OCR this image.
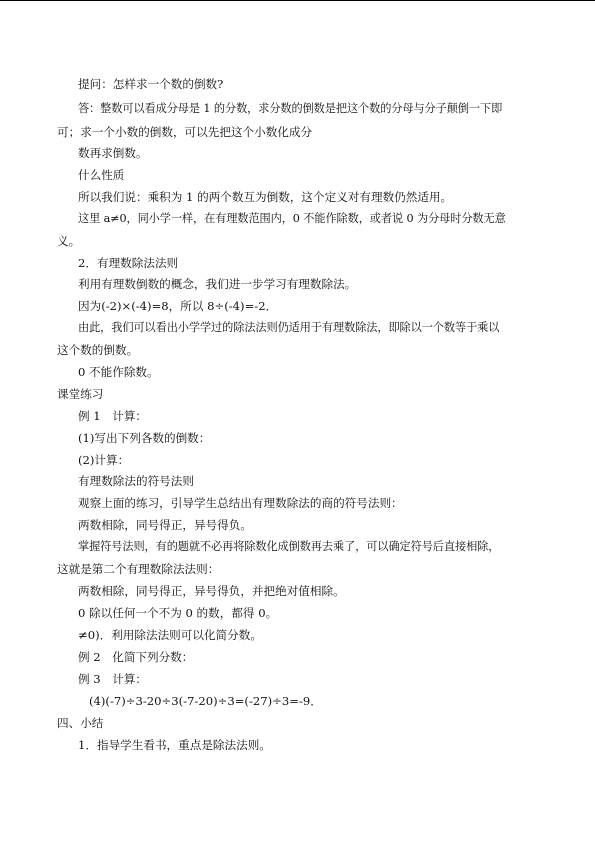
提问：怎样求一个数的倒数?
答：整数可以看成分母是 1 的分数，求分数的倒数是把这个数的分母与分子颠倒一下即
可；求一个小数的倒数，可以先把这个小数化成分
数再求倒数。
什么性质
所以我们说：乘积为 1 的两个数互为倒数，这个定义对有理数仍然适用。
这里 a≠0，同小学一样，在有理数范围内，0 不能作除数，或者说 0 为分母时分数无意
义。
2．有理数除法法则
利用有理数倒数的概念，我们进一步学习有理数除法。
因为(-2)×(-4)=8，所以 8÷(-4)=-2．
由此，我们可以看出小学学过的除法法则仍适用于有理数除法，即除以一个数等于乘以
这个数的倒数。
0 不能作除数。
课堂练习
例 1　计算：
(1)写出下列各数的倒数：
(2)计算：
有理数除法的符号法则
观察上面的练习，引导学生总结出有理数除法的商的符号法则：
两数相除，同号得正，异号得负。
掌握符号法则，有的题就不必再将除数化成倒数再去乘了，可以确定符号后直接相除，
这就是第二个有理数除法法则：
两数相除，同号得正，异号得负，并把绝对值相除。
0 除以任何一个不为 0 的数，都得 0。
≠0)．利用除法法则可以化简分数。
例 2　化简下列分数：
例 3　计算：
(4)(-7)÷3-20÷3(-7-20)÷3=(-27)÷3=-9．
四、小结
1．指导学生看书，重点是除法法则。
